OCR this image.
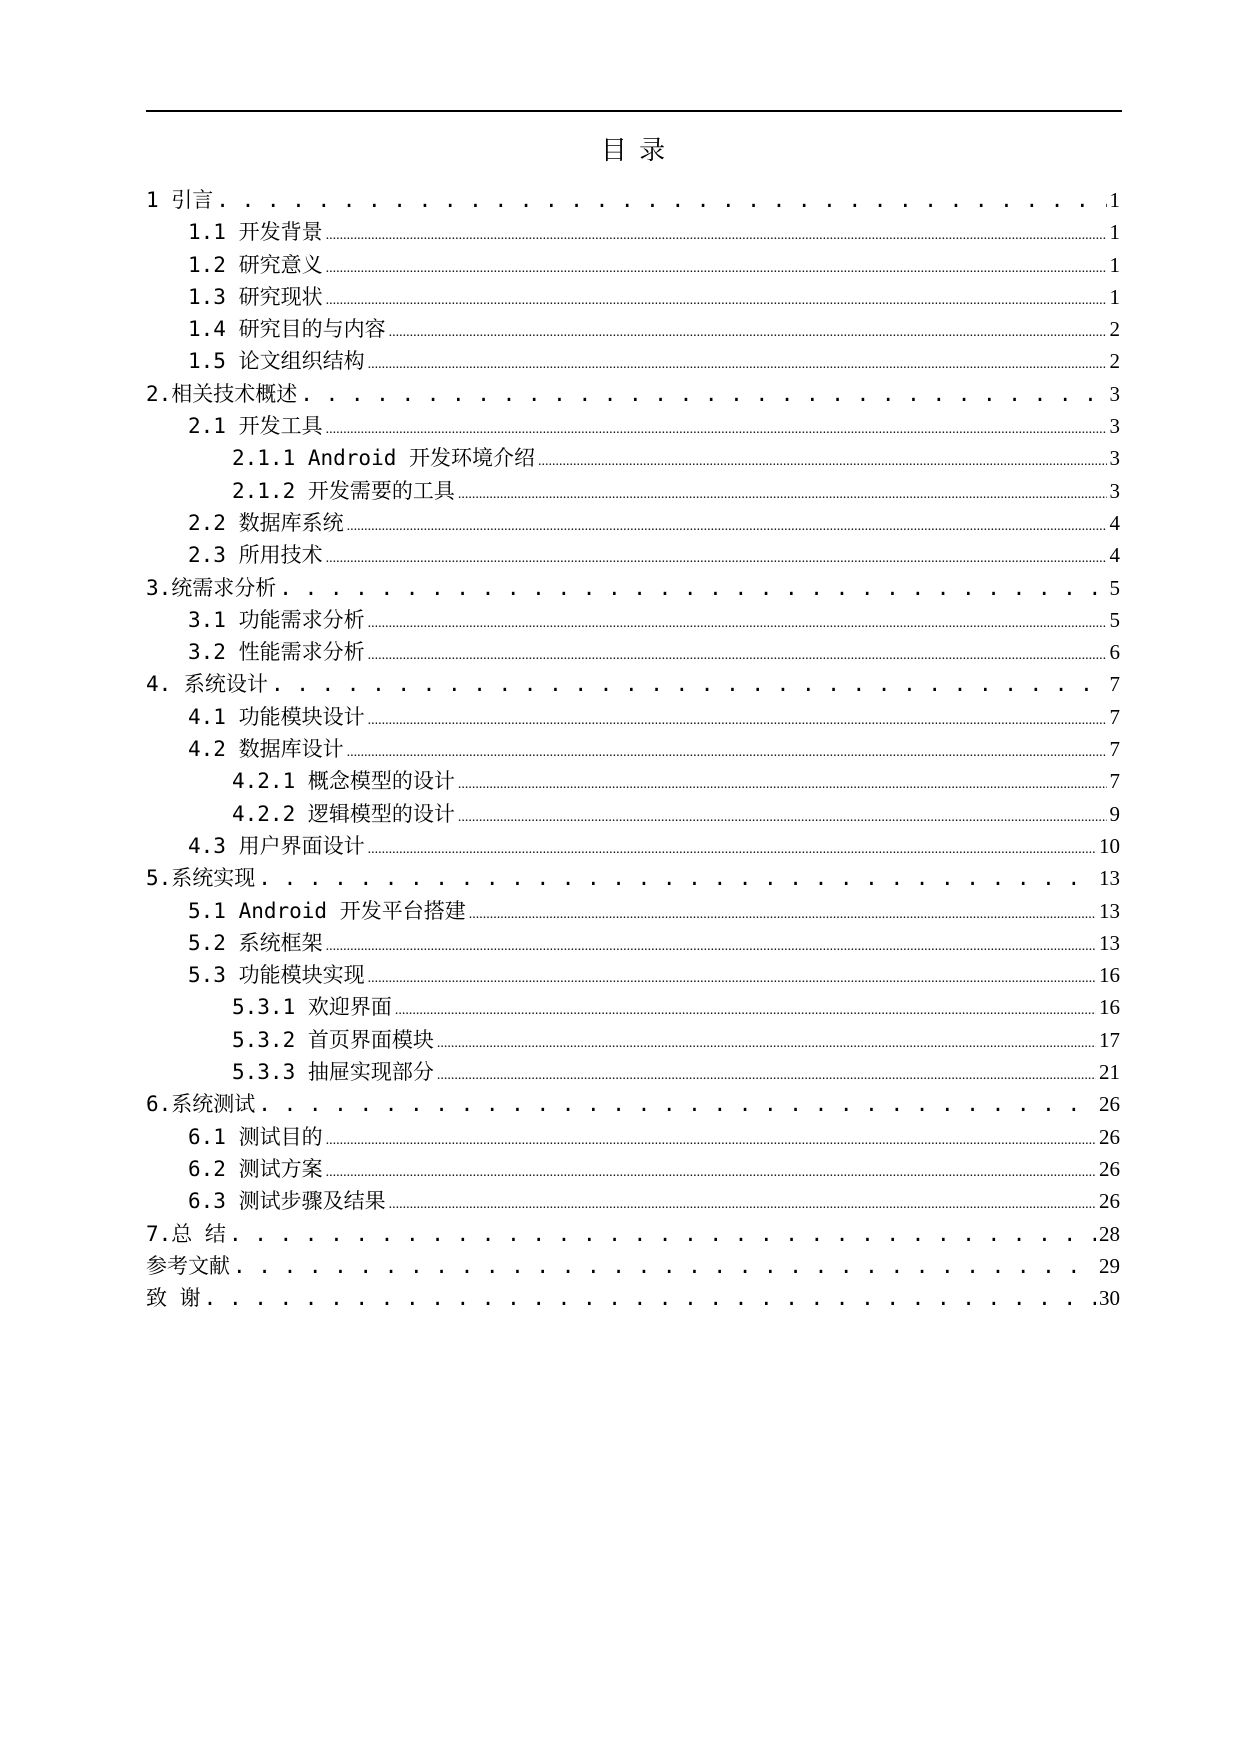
目 录
1 引言 . . .	1
1.1 开发背景 .....	1
1.2 研究意义 .....	1
1.3 研究现状 .....	1
1.4 研究目的与内容 .....	2
1.5 论文组织结构 .....	2
2.相关技术概述 . . .	3
2.1 开发工具 .....	3
2.1.1 Android 开发环境介绍 .....	3
2.1.2 开发需要的工具 .....	3
2.2 数据库系统 .....	4
2.3 所用技术 .....	4
3.统需求分析 . . .	5
3.1 功能需求分析 .....	5
3.2 性能需求分析 .....	6
4. 系统设计 . . .	7
4.1 功能模块设计 .....	7
4.2 数据库设计 .....	7
4.2.1 概念模型的设计 .....	7
4.2.2 逻辑模型的设计 .....	9
4.3 用户界面设计 .....	10
5.系统实现 . . .	13
5.1 Android 开发平台搭建 .....	13
5.2 系统框架 .....	13
5.3 功能模块实现 .....	16
5.3.1 欢迎界面 .....	16
5.3.2 首页界面模块 .....	17
5.3.3 抽屉实现部分 .....	21
6.系统测试 . . .	26
6.1 测试目的 .....	26
6.2 测试方案 .....	26
6.3 测试步骤及结果 .....	26
7.总 结 . . .	28
参考文献 . . .	29
致 谢 . . .	30
